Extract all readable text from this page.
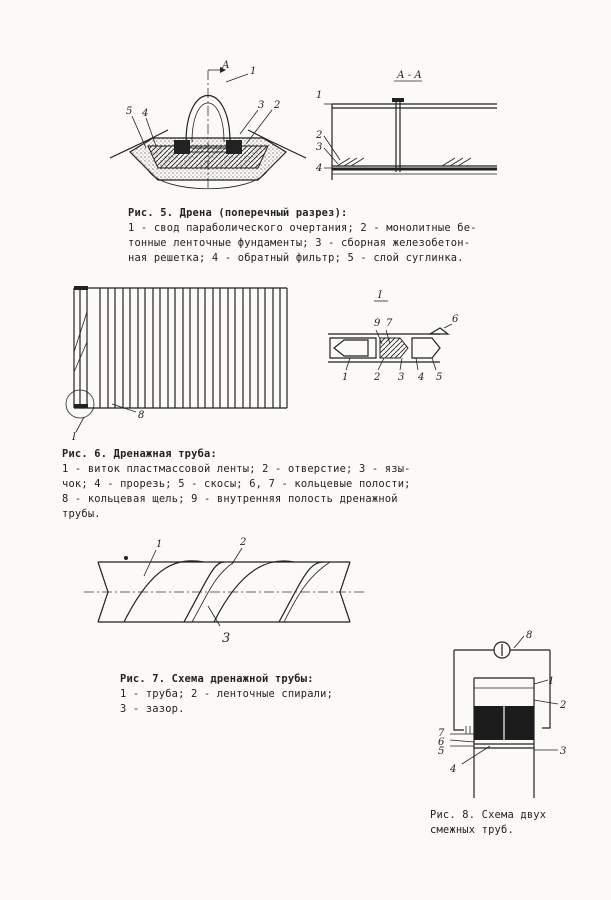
А
1
3 2
5 4
А - А
1
2
3
4
Рис. 5. Дрена (поперечный разрез):
1 - свод параболического очертания; 2 - монолитные бе-
тонные ленточные фундаменты; 3 - сборная железобетон-
ная решетка; 4 - обратный фильтр; 5 - слой суглинка.
I
8
I
9 7	6
1	2 3 4 5
Рис. 6. Дренажная труба:
1 - виток пластмассовой ленты; 2 - отверстие; 3 - язы-
чок; 4 - прорезь; 5 - скосы; 6, 7 - кольцевые полости;
8 - кольцевая щель; 9 - внутренняя полость дренажной
трубы.
1	2
3
Рис. 7. Схема дренажной трубы:
1 - труба; 2 - ленточные спирали;
3 - зазор.
8
1
2
3
7
6
5
4
Рис. 8. Схема двух
смежных труб.
